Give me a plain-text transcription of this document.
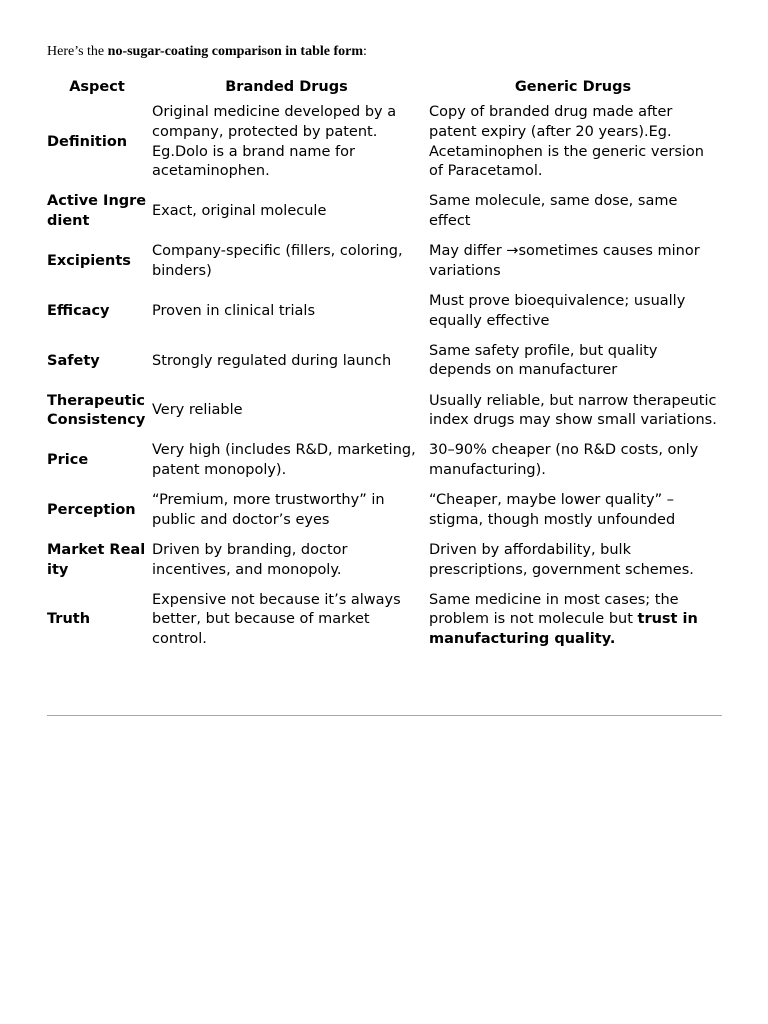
Here’s the no-sugar-coating comparison in table form:

Aspect	Branded Drugs	Generic Drugs
Definition	Original medicine developed by a company, protected by patent. Eg.Dolo is a brand name for acetaminophen.	Copy of branded drug made after patent expiry (after 20 years).Eg. Acetaminophen is the generic version of Paracetamol.
Active Ingredient	Exact, original molecule	Same molecule, same dose, same effect
Excipients	Company-specific (fillers, coloring, binders)	May differ →sometimes causes minor variations
Efficacy	Proven in clinical trials	Must prove bioequivalence; usually equally effective
Safety	Strongly regulated during launch	Same safety profile, but quality depends on manufacturer
Therapeutic Consistency	Very reliable	Usually reliable, but narrow therapeutic index drugs may show small variations.
Price	Very high (includes R&D, marketing, patent monopoly).	30–90% cheaper (no R&D costs, only manufacturing).
Perception	“Premium, more trustworthy” in public and doctor’s eyes	“Cheaper, maybe lower quality” – stigma, though mostly unfounded
Market Reality	Driven by branding, doctor incentives, and monopoly.	Driven by affordability, bulk prescriptions, government schemes.
Truth	Expensive not because it’s always better, but because of market control.	Same medicine in most cases; the problem is not molecule but trust in manufacturing quality.
